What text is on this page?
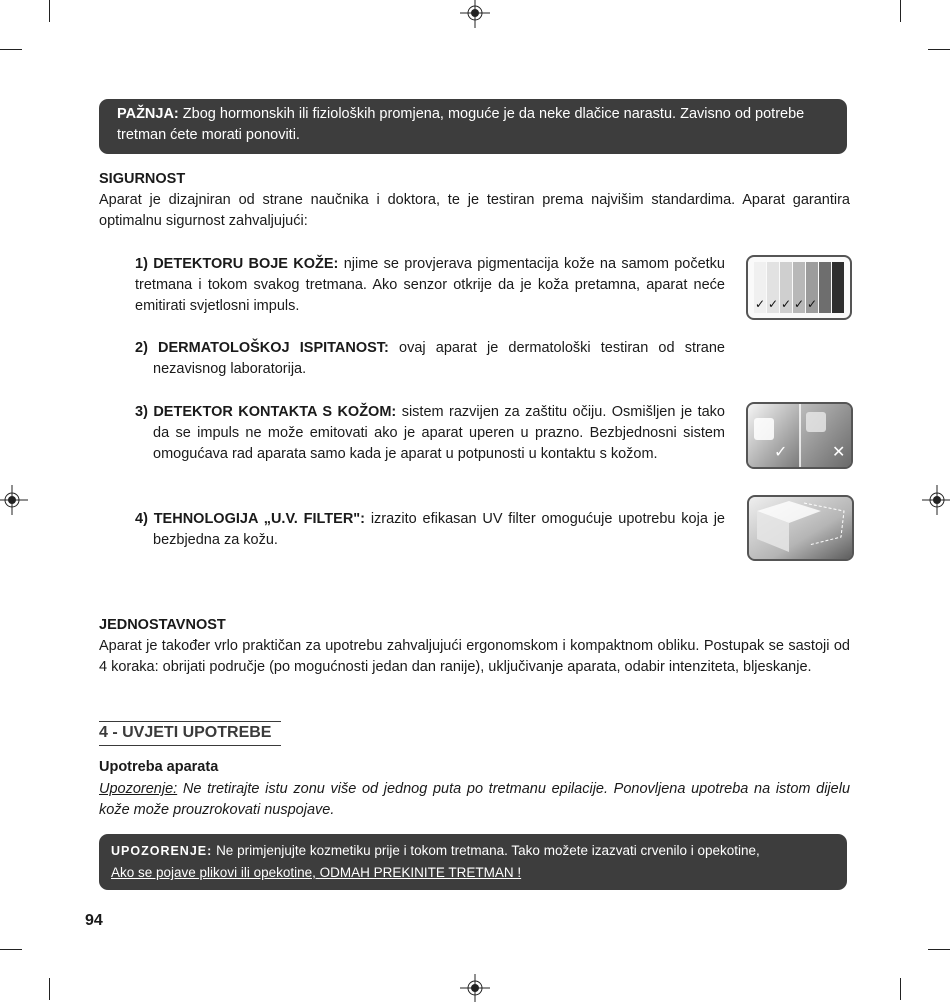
PAŽNJA: Zbog hormonskih ili fizioloških promjena, moguće je da neke dlačice narastu. Zavisno od potrebe tretman ćete morati ponoviti.
SIGURNOST
Aparat je dizajniran od strane naučnika i doktora, te je testiran prema najvišim standardima. Aparat garantira optimalnu sigurnost zahvaljujući:
1) DETEKTORU BOJE KOŽE: njime se provjerava pigmentacija kože na samom početku tretmana i tokom svakog tretmana. Ako senzor otkrije da je koža pretamna, aparat neće emitirati svjetlosni impuls.
2) DERMATOLOŠKOJ ISPITANOST: ovaj aparat je dermatološki testiran od strane nezavisnog laboratorija.
3) DETEKTOR KONTAKTA S KOŽOM: sistem razvijen za zaštitu očiju. Osmišljen je tako da se impuls ne može emitovati ako je aparat uperen u prazno. Bezbjednosni sistem omogućava rad aparata samo kada je aparat u potpunosti u kontaktu s kožom.
4) TEHNOLOGIJA „U.V. FILTER": izrazito efikasan UV filter omogućuje upotrebu koja je bezbjedna za kožu.
✓ ✓ ✓ ✓ ✓
✓	✕
JEDNOSTAVNOST
Aparat je također vrlo praktičan za upotrebu zahvaljujući ergonomskom i kompaktnom obliku. Postupak se sastoji od 4 koraka: obrijati područje (po mogućnosti jedan dan ranije), uključivanje aparata, odabir intenziteta, bljeskanje.
4 - UVJETI UPOTREBE
Upotreba aparata
Upozorenje: Ne tretirajte istu zonu više od jednog puta po tretmanu epilacije. Ponovljena upotreba na istom dijelu kože može prouzrokovati nuspojave.
UPOZORENJE: Ne primjenjujte kozmetiku prije i tokom tretmana. Tako možete izazvati crvenilo i opekotine,
Ako se pojave plikovi ili opekotine, ODMAH PREKINITE TRETMAN !
94
